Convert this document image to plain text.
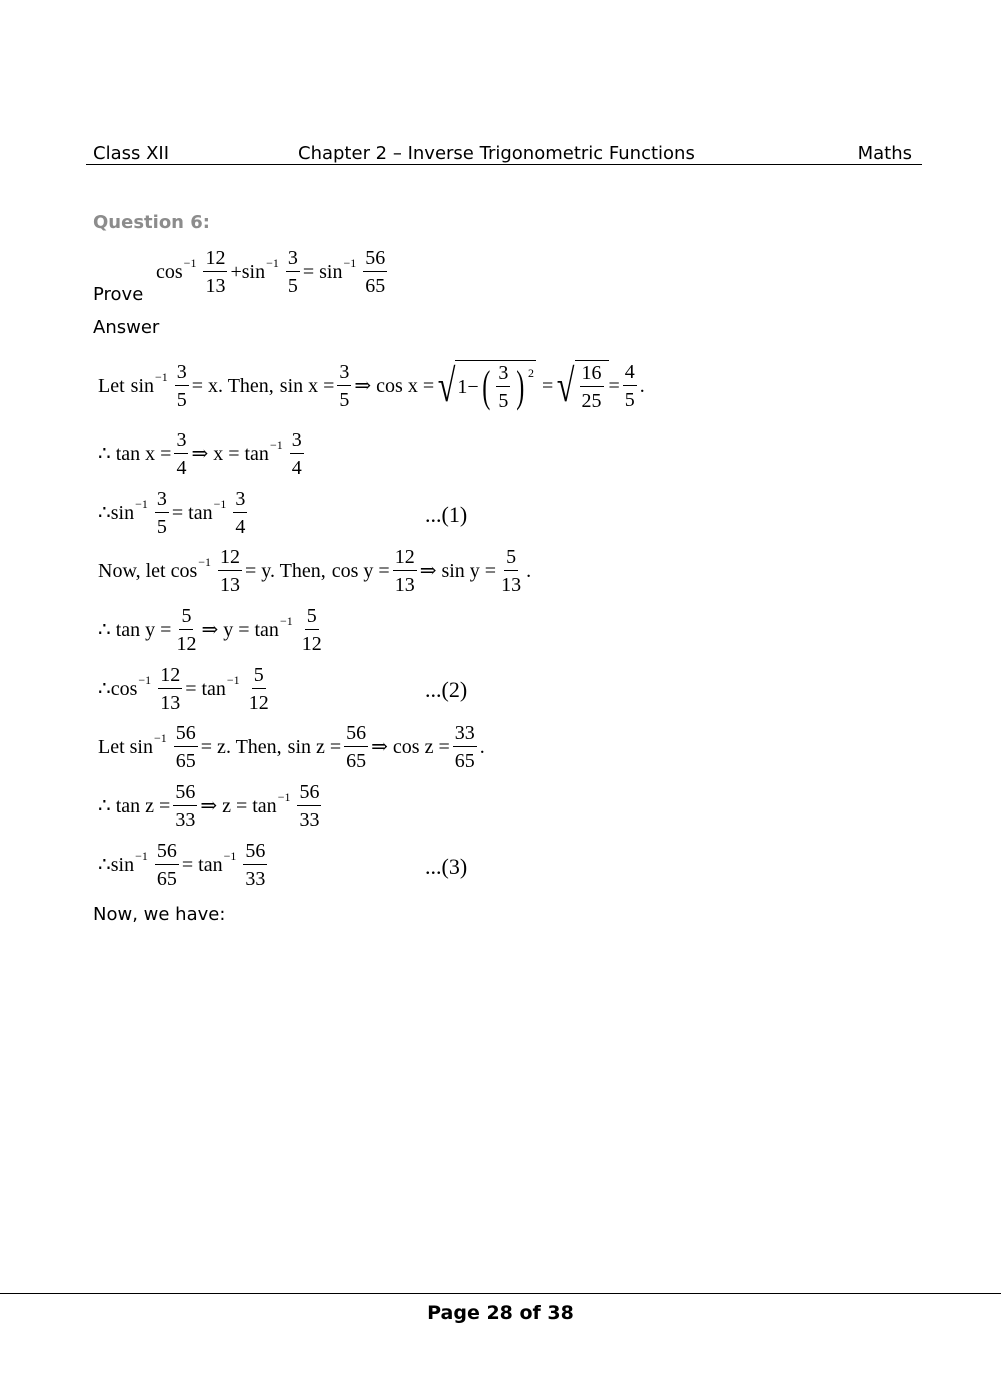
Class XII	Chapter 2 – Inverse Trigonometric Functions	Maths
Question 6:
$\cos^{-1} \frac{12}{13} + \sin^{-1} \frac{3}{5} = \sin^{-1} \frac{56}{65}$
Prove
Answer
Let $\sin^{-1} \frac{3}{5} = x$. Then, $\sin x = \frac{3}{5}$ ⇒ cos x = √ 1− ( $\frac{3}{5}$ ) $^2$
= √ $\frac{16}{25} = \frac{4}{5}$ .
∴
$\tan x = \frac{3}{4}$ ⇒ $x = \tan^{-1} \frac{3}{4}$
∴ $\sin^{-1} \frac{3}{5} = \tan^{-1} \frac{3}{4}$	...(1)
Now, let $\cos^{-1} \frac{12}{13} = y$. Then, $\cos y = \frac{12}{13}$ ⇒ $\sin y = \frac{5}{13}$ .
∴
$\tan y = \frac{5}{12}$ ⇒ $y = \tan^{-1} \frac{5}{12}$
∴ $\cos^{-1} \frac{12}{13} = \tan^{-1} \frac{5}{12}$	...(2)
Let $\sin^{-1} \frac{56}{65} = z$. Then, $\sin z = \frac{56}{65}$ ⇒ $\cos z = \frac{33}{65}$ .
∴
$\tan z = \frac{56}{33}$ ⇒ $z = \tan^{-1} \frac{56}{33}$
∴ $\sin^{-1} \frac{56}{65} = \tan^{-1} \frac{56}{33}$	...(3)
Now, we have:
Page 28 of 38
